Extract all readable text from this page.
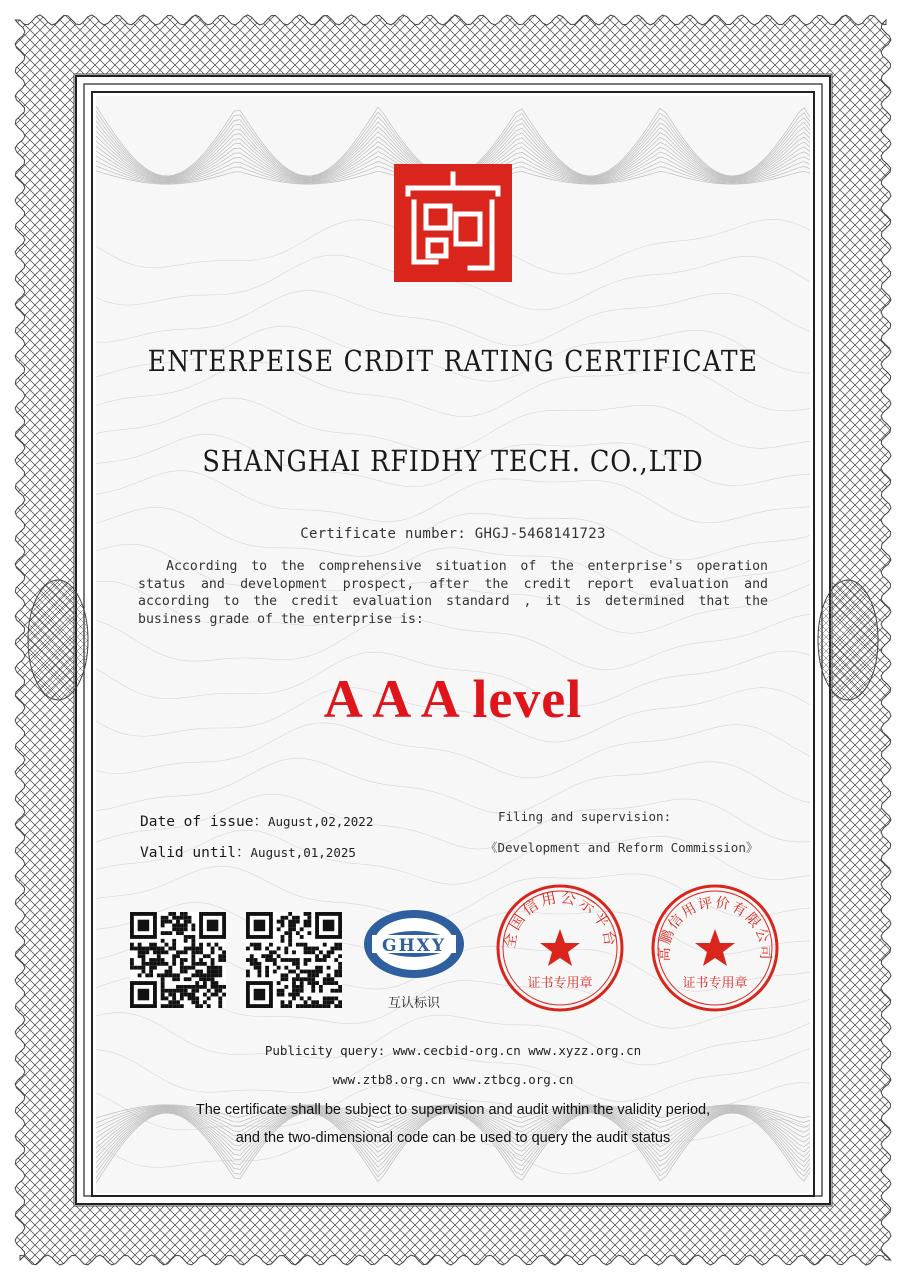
ENTERPEISE CRDIT RATING CERTIFICATE
SHANGHAI RFIDHY TECH. CO.,LTD
Certificate number: GHGJ-5468141723
According to the comprehensive situation of the enterprise's operation status and development prospect, after the credit report evaluation and according to the credit evaluation standard , it is determined that the business grade of the enterprise is:
A A A level
Date of issue：August,02,2022
Valid until：August,01,2025
Filing and supervision:
《Development and Reform Commission》
GHXY
互认标识
全国信用公示平台
证书专用章
高鹏信用评价有限公司
证书专用章
Publicity query: www.cecbid-org.cn www.xyzz.org.cn
www.ztb8.org.cn www.ztbcg.org.cn
The certificate shall be subject to supervision and audit within the validity period,
and the two-dimensional code can be used to query the audit status
